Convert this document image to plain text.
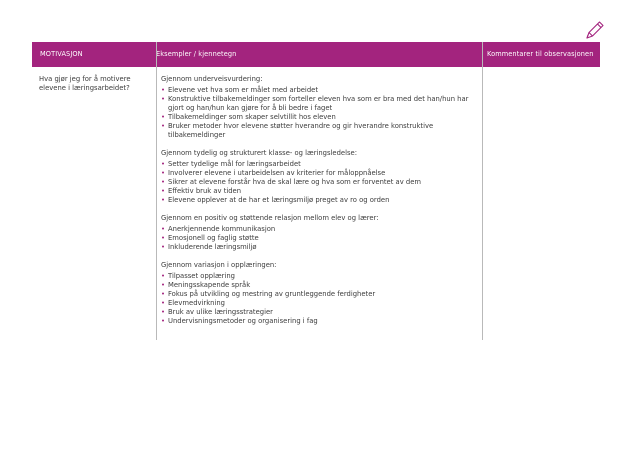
MOTIVASJON	Eksempler / kjennetegn	Kommentarer til observasjonen
Hva gjør jeg for å motivere elevene i læringsarbeidet?
Gjennom underveisvurdering:
• Elevene vet hva som er målet med arbeidet
• Konstruktive tilbakemeldinger som forteller eleven hva som er bra med det han/hun har gjort og han/hun kan gjøre for å bli bedre i faget
• Tilbakemeldinger som skaper selvtillit hos eleven
• Bruker metoder hvor elevene støtter hverandre og gir hverandre konstruktive tilbakemeldinger
Gjennom tydelig og strukturert klasse- og læringsledelse:
• Setter tydelige mål for læringsarbeidet
• Involverer elevene i utarbeidelsen av kriterier for måloppnåelse
• Sikrer at elevene forstår hva de skal lære og hva som er forventet av dem
• Effektiv bruk av tiden
• Elevene opplever at de har et læringsmiljø preget av ro og orden
Gjennom en positiv og støttende relasjon mellom elev og lærer:
• Anerkjennende kommunikasjon
• Emosjonell og faglig støtte
• Inkluderende læringsmiljø
Gjennom variasjon i opplæringen:
• Tilpasset opplæring
• Meningsskapende språk
• Fokus på utvikling og mestring av gruntleggende ferdigheter
• Elevmedvirkning
• Bruk av ulike læringsstrategier
• Undervisningsmetoder og organisering i fag
